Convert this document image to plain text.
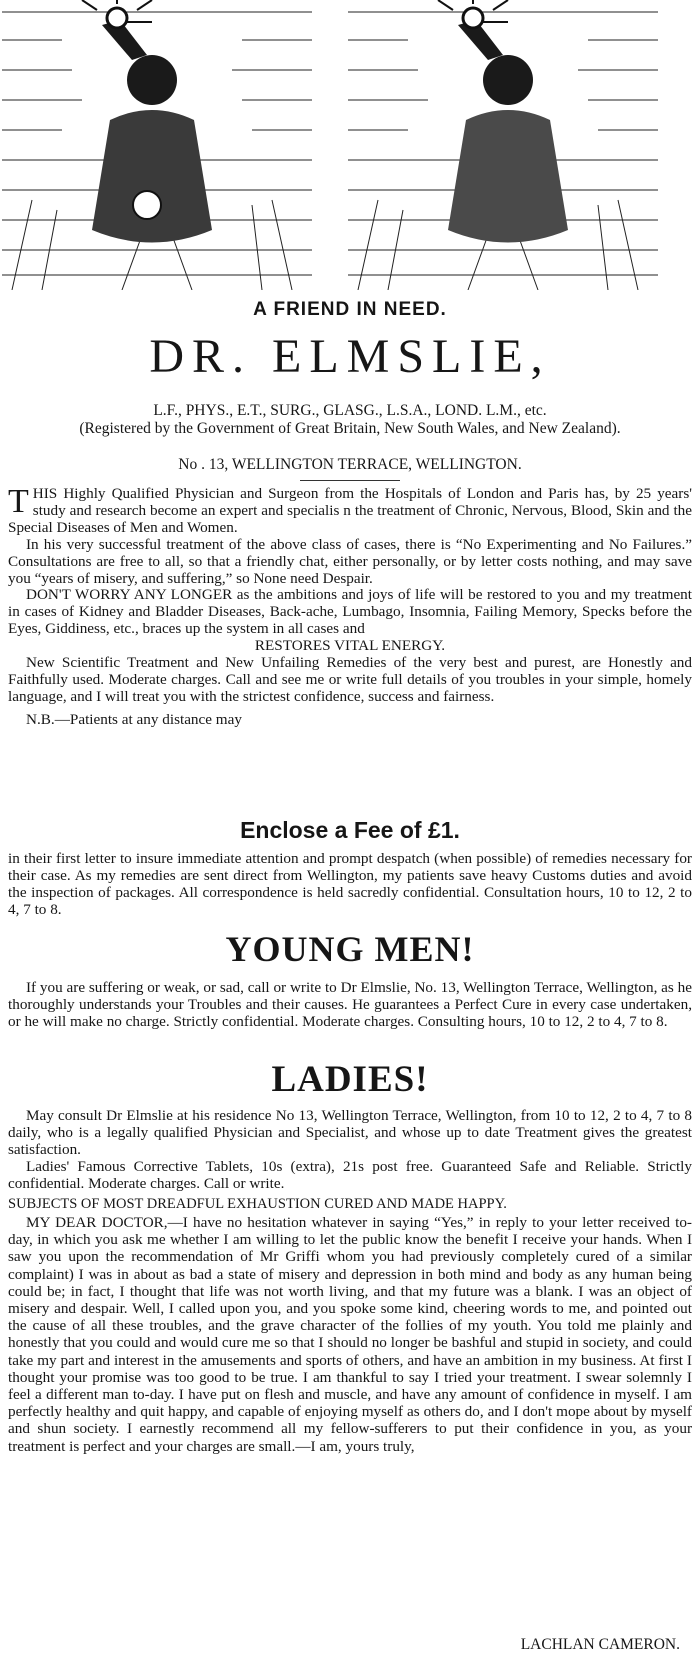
A FRIEND IN NEED.
DR. ELMSLIE,
L.F., PHYS., E.T., SURG., GLASG., L.S.A., LOND. L.M., etc.
(Registered by the Government of Great Britain, New South Wales, and New Zealand).
No . 13, WELLINGTON TERRACE, WELLINGTON.

T HIS Highly Qualified Physician and Surgeon from the Hospitals of London and Paris has, by 25 years' study and research become an expert and specialis n the treatment of Chronic, Nervous, Blood, Skin and the Special Diseases of Men and Women.

In his very successful treatment of the above class of cases, there is “No Experimenting and No Failures.” Consultations are free to all, so that a friendly chat, either personally, or by letter costs nothing, and may save you “years of misery, and suffering,” so None need Despair.

DON'T WORRY ANY LONGER as the ambitions and joys of life will be restored to you and my treatment in cases of Kidney and Bladder Diseases, Back-ache, Lumbago, Insomnia, Failing Memory, Specks before the Eyes, Giddiness, etc., braces up the system in all cases and

RESTORES VITAL ENERGY.

New Scientific Treatment and New Unfailing Remedies of the very best and purest, are Honestly and Faithfully used. Moderate charges. Call and see me or write full details of you troubles in your simple, homely language, and I will treat you with the strictest confidence, success and fairness.

N.B.—Patients at any distance may

Enclose a Fee of £1.
in their first letter to insure immediate attention and prompt despatch (when possible) of remedies necessary for their case. As my remedies are sent direct from Wellington, my patients save heavy Customs duties and avoid the inspection of packages. All correspondence is held sacredly confidential. Consultation hours, 10 to 12, 2 to 4, 7 to 8.
YOUNG MEN!
If you are suffering or weak, or sad, call or write to Dr Elmslie, No. 13, Wellington Terrace, Wellington, as he thoroughly understands your Troubles and their causes. He guarantees a Perfect Cure in every case undertaken, or he will make no charge. Strictly confidential. Moderate charges. Consulting hours, 10 to 12, 2 to 4, 7 to 8.
LADIES!

May consult Dr Elmslie at his residence No 13, Wellington Terrace, Wellington, from 10 to 12, 2 to 4, 7 to 8 daily, who is a legally qualified Physician and Specialist, and whose up to date Treatment gives the greatest satisfaction.

Ladies' Famous Corrective Tablets, 10s (extra), 21s post free. Guaranteed Safe and Reliable. Strictly confidential. Moderate charges. Call or write.

SUBJECTS OF MOST DREADFUL EXHAUSTION CURED AND MADE HAPPY.
MY DEAR DOCTOR,—I have no hesitation whatever in saying “Yes,” in reply to your letter received to-day, in which you ask me whether I am willing to let the public know the benefit I receive your hands. When I saw you upon the recommendation of Mr Griffi whom you had previously completely cured of a similar complaint) I was in about as bad a state of misery and depression in both mind and body as any human being could be; in fact, I thought that life was not worth living, and that my future was a blank. I was an object of misery and despair. Well, I called upon you, and you spoke some kind, cheering words to me, and pointed out the cause of all these troubles, and the grave character of the follies of my youth. You told me plainly and honestly that you could and would cure me so that I should no longer be bashful and stupid in society, and could take my part and interest in the amusements and sports of others, and have an ambition in my business. At first I thought your promise was too good to be true. I am thankful to say I tried your treatment. I swear solemnly I feel a different man to-day. I have put on flesh and muscle, and have any amount of confidence in myself. I am perfectly healthy and quit happy, and capable of enjoying myself as others do, and I don't mope about by myself and shun society. I earnestly recommend all my fellow-sufferers to put their confidence in you, as your treatment is perfect and your charges are small.—I am, yours truly,
LACHLAN CAMERON.
